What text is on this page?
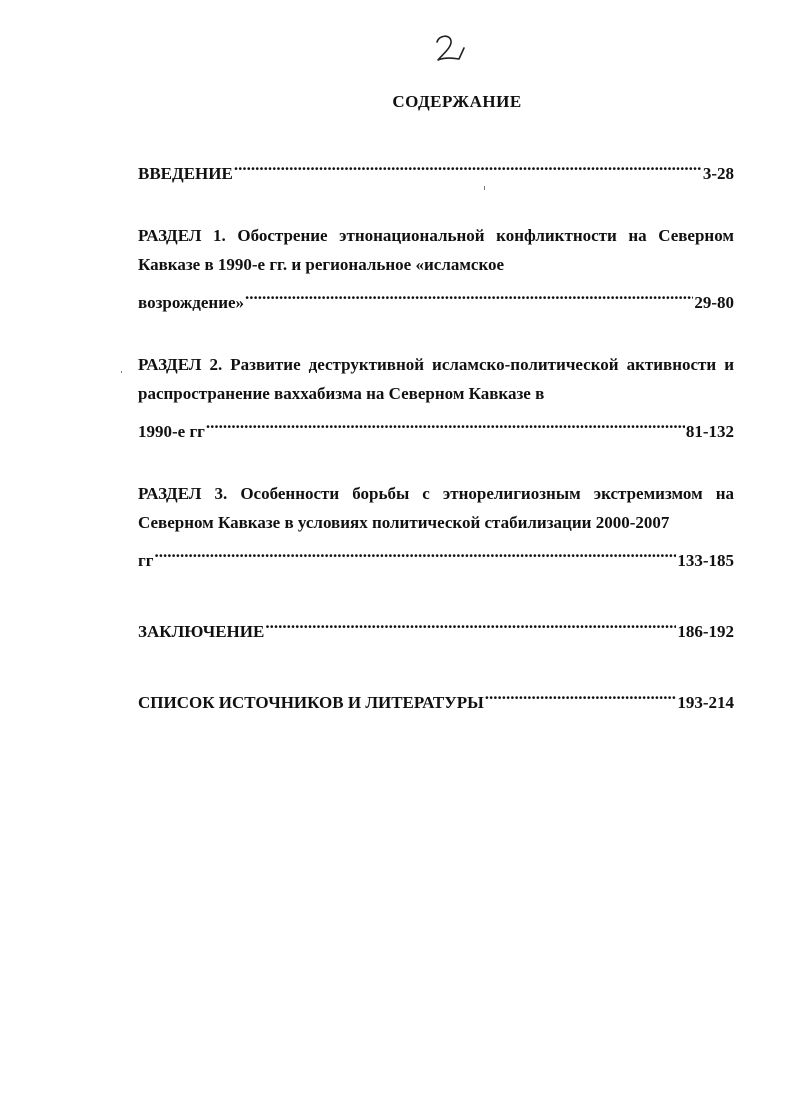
СОДЕРЖАНИЕ
ВВЕДЕНИЕ .....	3-28
РАЗДЕЛ 1. Обострение этнонациональной конфликтности на Северном Кавказе в 1990-е гг. и региональное «исламское
возрождение» .....	29-80
РАЗДЕЛ 2. Развитие деструктивной исламско-политической активности и распространение ваххабизма на Северном Кавказе в
1990-е гг .....	81-132
РАЗДЕЛ 3. Особенности борьбы с этнорелигиозным экстремизмом на Северном Кавказе в условиях политической стабилизации 2000-2007
гг .....	133-185
ЗАКЛЮЧЕНИЕ .....	186-192
СПИСОК ИСТОЧНИКОВ И ЛИТЕРАТУРЫ .....	193-214
